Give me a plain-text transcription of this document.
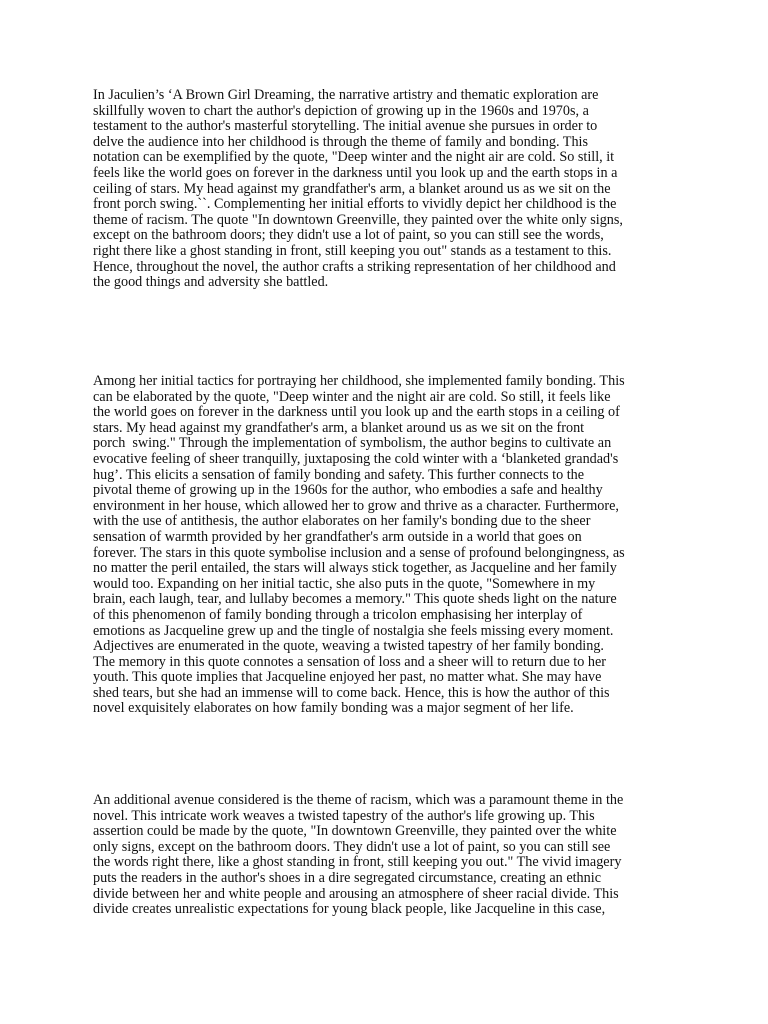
In Jaculien’s ‘A Brown Girl Dreaming, the narrative artistry and thematic exploration are
skillfully woven to chart the author's depiction of growing up in the 1960s and 1970s, a
testament to the author's masterful storytelling. The initial avenue she pursues in order to
delve the audience into her childhood is through the theme of family and bonding. This
notation can be exemplified by the quote, "Deep winter and the night air are cold. So still, it
feels like the world goes on forever in the darkness until you look up and the earth stops in a
ceiling of stars. My head against my grandfather's arm, a blanket around us as we sit on the
front porch swing.``. Complementing her initial efforts to vividly depict her childhood is the
theme of racism. The quote "In downtown Greenville, they painted over the white only signs,
except on the bathroom doors; they didn't use a lot of paint, so you can still see the words,
right there like a ghost standing in front, still keeping you out" stands as a testament to this.
Hence, throughout the novel, the author crafts a striking representation of her childhood and
the good things and adversity she battled.
Among her initial tactics for portraying her childhood, she implemented family bonding. This
can be elaborated by the quote, "Deep winter and the night air are cold. So still, it feels like
the world goes on forever in the darkness until you look up and the earth stops in a ceiling of
stars. My head against my grandfather's arm, a blanket around us as we sit on the front
porch  swing." Through the implementation of symbolism, the author begins to cultivate an
evocative feeling of sheer tranquilly, juxtaposing the cold winter with a ‘blanketed grandad's
hug’. This elicits a sensation of family bonding and safety. This further connects to the
pivotal theme of growing up in the 1960s for the author, who embodies a safe and healthy
environment in her house, which allowed her to grow and thrive as a character. Furthermore,
with the use of antithesis, the author elaborates on her family's bonding due to the sheer
sensation of warmth provided by her grandfather's arm outside in a world that goes on
forever. The stars in this quote symbolise inclusion and a sense of profound belongingness, as
no matter the peril entailed, the stars will always stick together, as Jacqueline and her family
would too. Expanding on her initial tactic, she also puts in the quote, "Somewhere in my
brain, each laugh, tear, and lullaby becomes a memory." This quote sheds light on the nature
of this phenomenon of family bonding through a tricolon emphasising her interplay of
emotions as Jacqueline grew up and the tingle of nostalgia she feels missing every moment.
Adjectives are enumerated in the quote, weaving a twisted tapestry of her family bonding.
The memory in this quote connotes a sensation of loss and a sheer will to return due to her
youth. This quote implies that Jacqueline enjoyed her past, no matter what. She may have
shed tears, but she had an immense will to come back. Hence, this is how the author of this
novel exquisitely elaborates on how family bonding was a major segment of her life.
An additional avenue considered is the theme of racism, which was a paramount theme in the
novel. This intricate work weaves a twisted tapestry of the author's life growing up. This
assertion could be made by the quote, "In downtown Greenville, they painted over the white
only signs, except on the bathroom doors. They didn't use a lot of paint, so you can still see
the words right there, like a ghost standing in front, still keeping you out." The vivid imagery
puts the readers in the author's shoes in a dire segregated circumstance, creating an ethnic
divide between her and white people and arousing an atmosphere of sheer racial divide. This
divide creates unrealistic expectations for young black people, like Jacqueline in this case,
